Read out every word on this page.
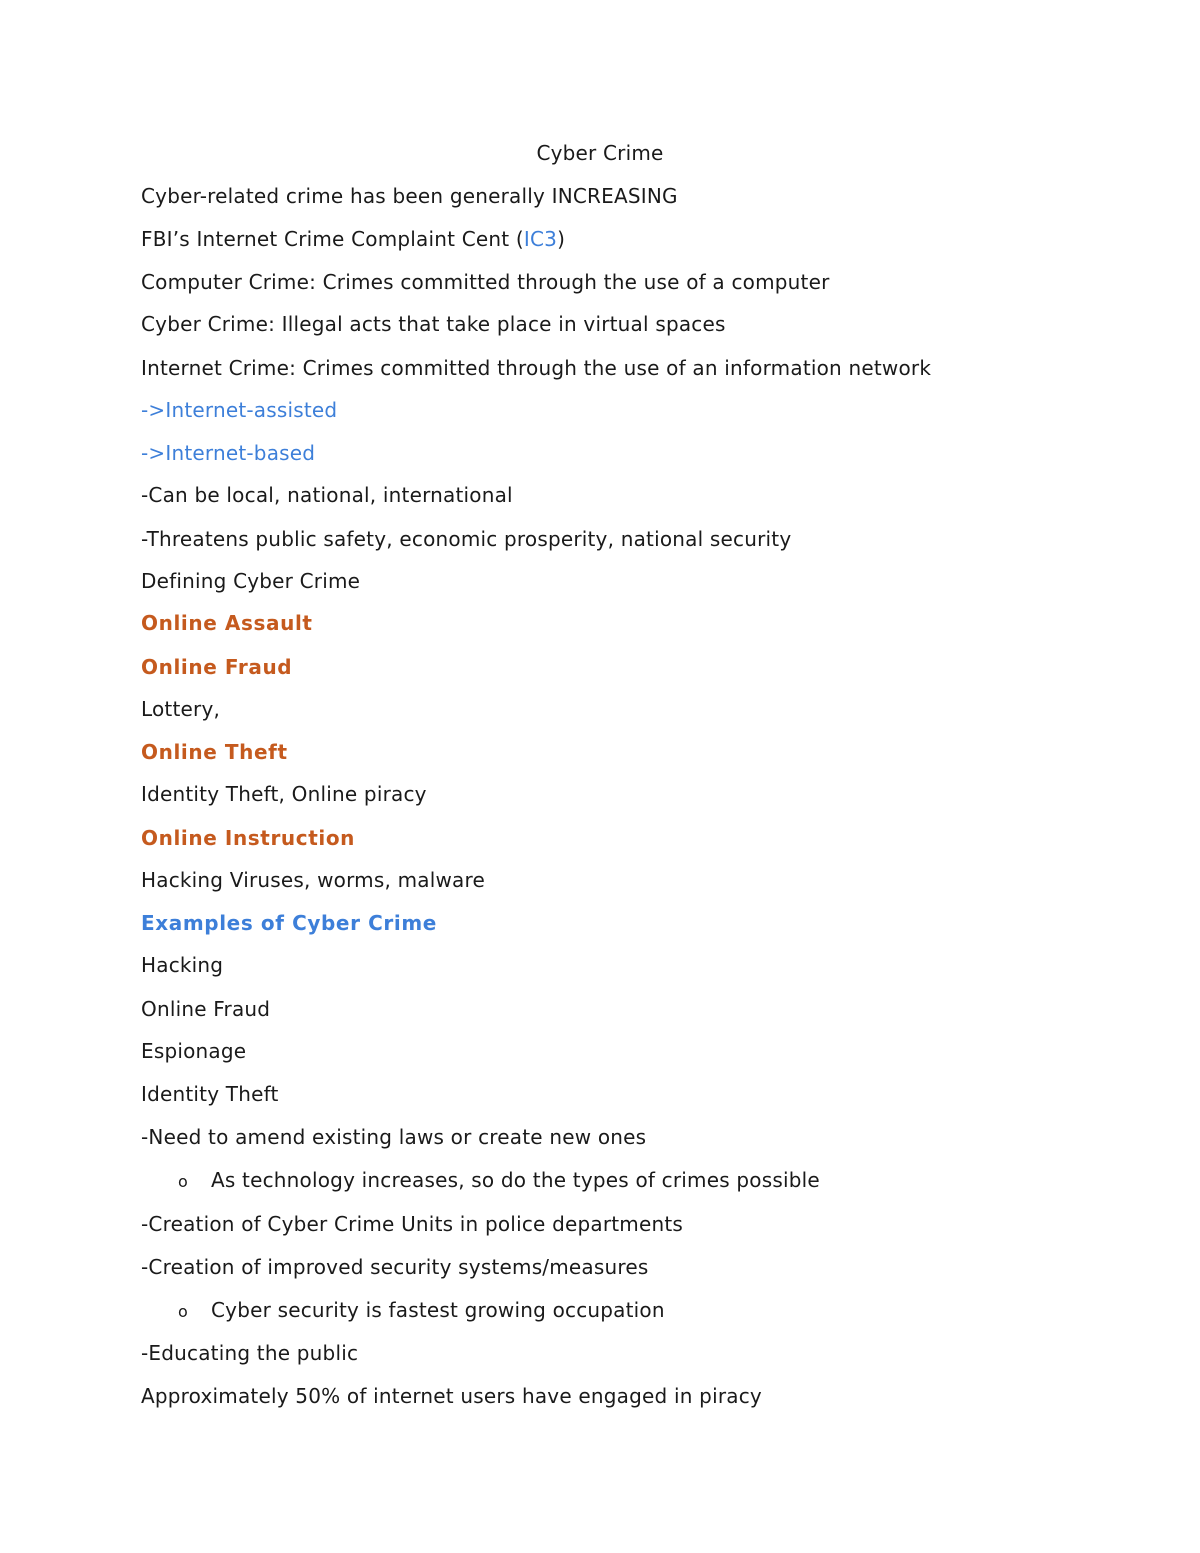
Cyber Crime
Cyber-related crime has been generally INCREASING
FBI’s Internet Crime Complaint Cent (IC3)
Computer Crime: Crimes committed through the use of a computer
Cyber Crime: Illegal acts that take place in virtual spaces
Internet Crime: Crimes committed through the use of an information network
->Internet-assisted
->Internet-based
-Can be local, national, international
-Threatens public safety, economic prosperity, national security
Defining Cyber Crime
Online Assault
Online Fraud
Lottery,
Online Theft
Identity Theft, Online piracy
Online Instruction
Hacking Viruses, worms, malware
Examples of Cyber Crime
Hacking
Online Fraud
Espionage
Identity Theft
-Need to amend existing laws or create new ones
o As technology increases, so do the types of crimes possible
-Creation of Cyber Crime Units in police departments
-Creation of improved security systems/measures
o Cyber security is fastest growing occupation
-Educating the public
Approximately 50% of internet users have engaged in piracy
